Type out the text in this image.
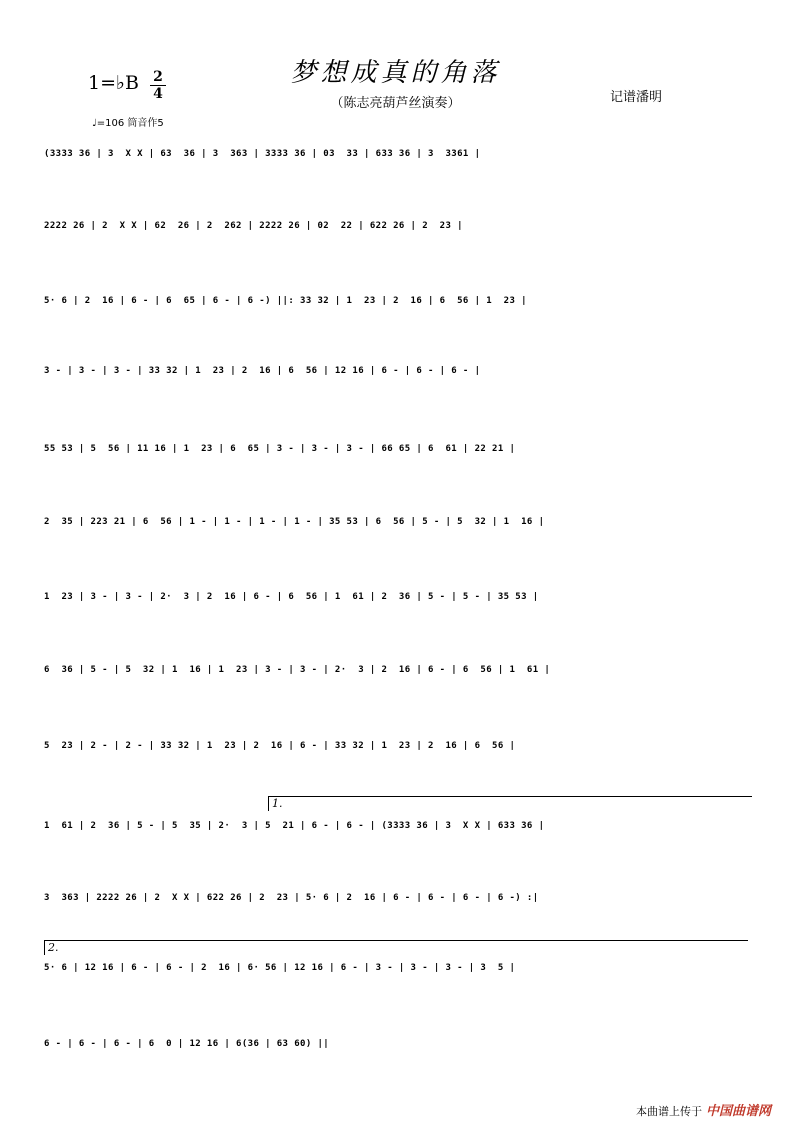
梦想成真的角落
（陈志亮葫芦丝演奏）
1=♭B 2
4
♩=106 筒音作5
记谱潘明
(3333 36 | 3  X X | 63  36 | 3  363 | 3333 36 | 03  33 | 633 36 | 3  3361 |
2222 26 | 2  X X | 62  26 | 2  262 | 2222 26 | 02  22 | 622 26 | 2  23 |
5· 6 | 2  16 | 6 - | 6  65 | 6 - | 6 -) ||: 33 32 | 1  23 | 2  16 | 6  56 | 1  23 |
3 - | 3 - | 3 - | 33 32 | 1  23 | 2  16 | 6  56 | 12 16 | 6 - | 6 - | 6 - |
55 53 | 5  56 | 11 16 | 1  23 | 6  65 | 3 - | 3 - | 3 - | 66 65 | 6  61 | 22 21 |
2  35 | 223 21 | 6  56 | 1 - | 1 - | 1 - | 1 - | 35 53 | 6  56 | 5 - | 5  32 | 1  16 |
1  23 | 3 - | 3 - | 2·  3 | 2  16 | 6 - | 6  56 | 1  61 | 2  36 | 5 - | 5 - | 35 53 |
6  36 | 5 - | 5  32 | 1  16 | 1  23 | 3 - | 3 - | 2·  3 | 2  16 | 6 - | 6  56 | 1  61 |
5  23 | 2 - | 2 - | 33 32 | 1  23 | 2  16 | 6 - | 33 32 | 1  23 | 2  16 | 6  56 |
1  61 | 2  36 | 5 - | 5  35 | 2·  3 | 5  21 | 6 - | 6 - | (3333 36 | 3  X X | 633 36 |
3  363 | 2222 26 | 2  X X | 622 26 | 2  23 | 5· 6 | 2  16 | 6 - | 6 - | 6 - | 6 -) :|
5· 6 | 12 16 | 6 - | 6 - | 2  16 | 6· 56 | 12 16 | 6 - | 3 - | 3 - | 3 - | 3  5 |
6 - | 6 - | 6 - | 6  0 | 12 16 | 6(36 | 63 60) ||
本曲谱上传于 中国曲谱网
1.
2.
